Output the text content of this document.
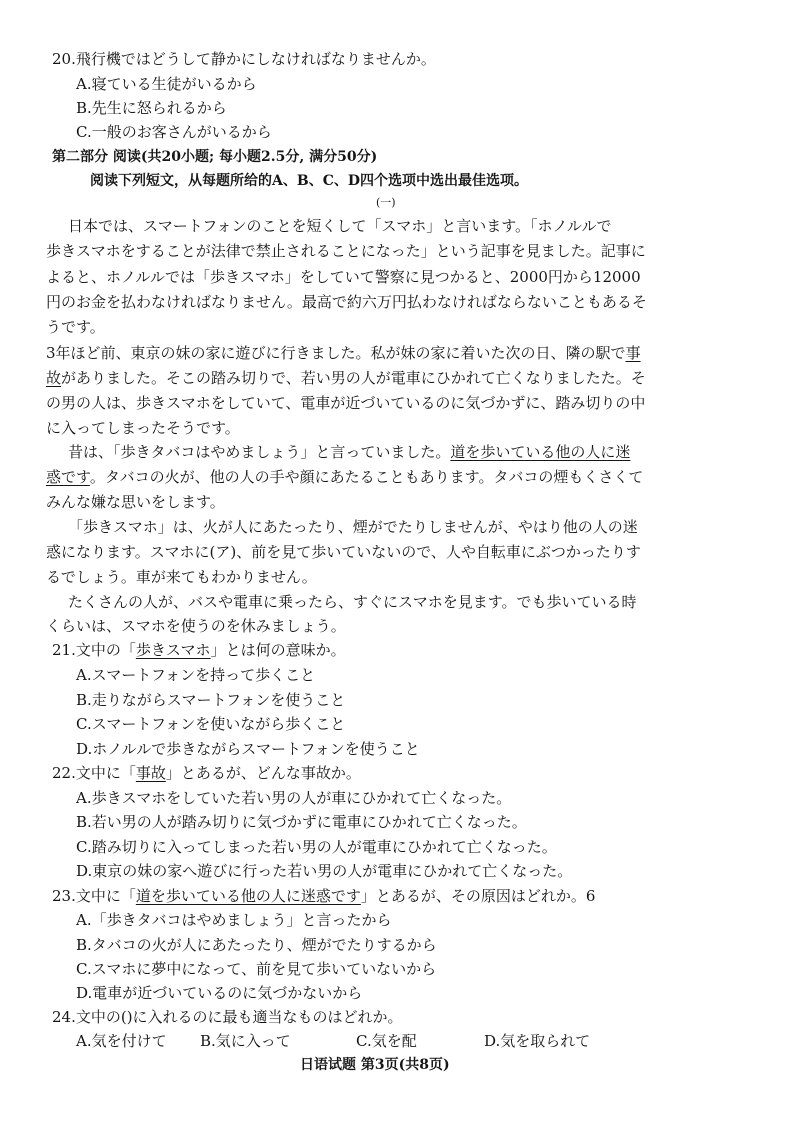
20.飛行機ではどうして静かにしなければなりませんか。
A.寝ている生徒がいるから
B.先生に怒られるから
C.一般のお客さんがいるから
第二部分 阅读(共20小题; 每小题2.5分, 满分50分)
阅读下列短文，从每题所给的A、B、C、D四个选项中选出最佳选项。
(一)
日本では、スマートフォンのことを短くして「スマホ」と言います。「ホノルルで
歩きスマホをすることが法律で禁止されることになった」という記事を見ました。記事に
よると、ホノルルでは「歩きスマホ」をしていて警察に見つかると、2000円から12000
円のお金を払わなければなりません。最高で約六万円払わなければならないこともあるそ
うです。
3年ほど前、東京の妹の家に遊びに行きました。私が妹の家に着いた次の日、隣の駅で事
故がありました。そこの踏み切りで、若い男の人が電車にひかれて亡くなりましたた。そ
の男の人は、歩きスマホをしていて、電車が近づいているのに気づかずに、踏み切りの中
に入ってしまったそうです。
昔は、「歩きタバコはやめましょう」と言っていました。道を歩いている他の人に迷
惑です。タバコの火が、他の人の手や顔にあたることもあります。タバコの煙もくさくて
みんな嫌な思いをします。
「歩きスマホ」は、火が人にあたったり、煙がでたりしませんが、やはり他の人の迷
惑になります。スマホに(ア)、前を見て歩いていないので、人や自転車にぶつかったりす
るでしょう。車が来てもわかりません。
たくさんの人が、バスや電車に乗ったら、すぐにスマホを見ます。でも歩いている時
くらいは、スマホを使うのを休みましょう。
21.文中の「歩きスマホ」とは何の意味か。
A.スマートフォンを持って歩くこと
B.走りながらスマートフォンを使うこと
C.スマートフォンを使いながら歩くこと
D.ホノルルで歩きながらスマートフォンを使うこと
22.文中に「事故」とあるが、どんな事故か。
A.歩きスマホをしていた若い男の人が車にひかれて亡くなった。
B.若い男の人が踏み切りに気づかずに電車にひかれて亡くなった。
C.踏み切りに入ってしまった若い男の人が電車にひかれて亡くなった。
D.東京の妹の家へ遊びに行った若い男の人が電車にひかれて亡くなった。
23.文中に「道を歩いている他の人に迷惑です」とあるが、その原因はどれか。6
A.「歩きタバコはやめましょう」と言ったから
B.タバコの火が人にあたったり、煙がでたりするから
C.スマホに夢中になって、前を見て歩いていないから
D.電車が近づいているのに気づかないから
24.文中の()に入れるのに最も適当なものはどれか。
A.気を付けて B.気に入って	C.気を配	D.気を取られて
日语试题 第3页(共8页)
